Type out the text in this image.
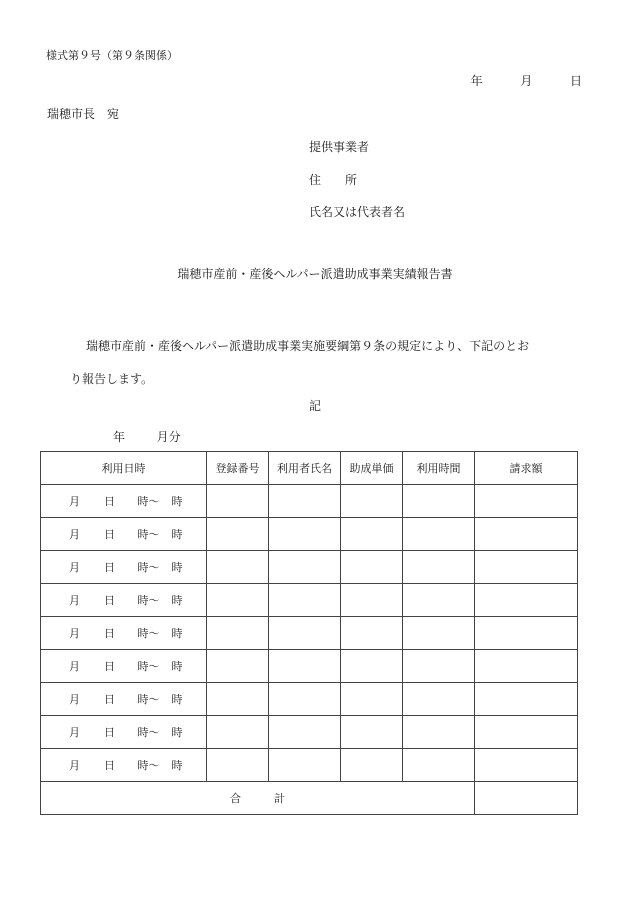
様式第９号（第９条関係）
年	月	日
瑞穂市長　宛
提供事業者
住　　所
氏名又は代表者名
瑞穂市産前・産後ヘルパー派遣助成事業実績報告書
瑞穂市産前・産後ヘルパー派遣助成事業実施要綱第９条の規定により、下記のとお
り報告します。
記
年	月分
利用日時	登録番号	利用者氏名	助成単価	利用時間	請求額
月 日 時～ 時					
月 日 時～ 時					
月 日 時～ 時					
月 日 時～ 時					
月 日 時～ 時					
月 日 時～ 時					
月 日 時～ 時					
月 日 時～ 時					
月 日 時～ 時					
合　　　計					
